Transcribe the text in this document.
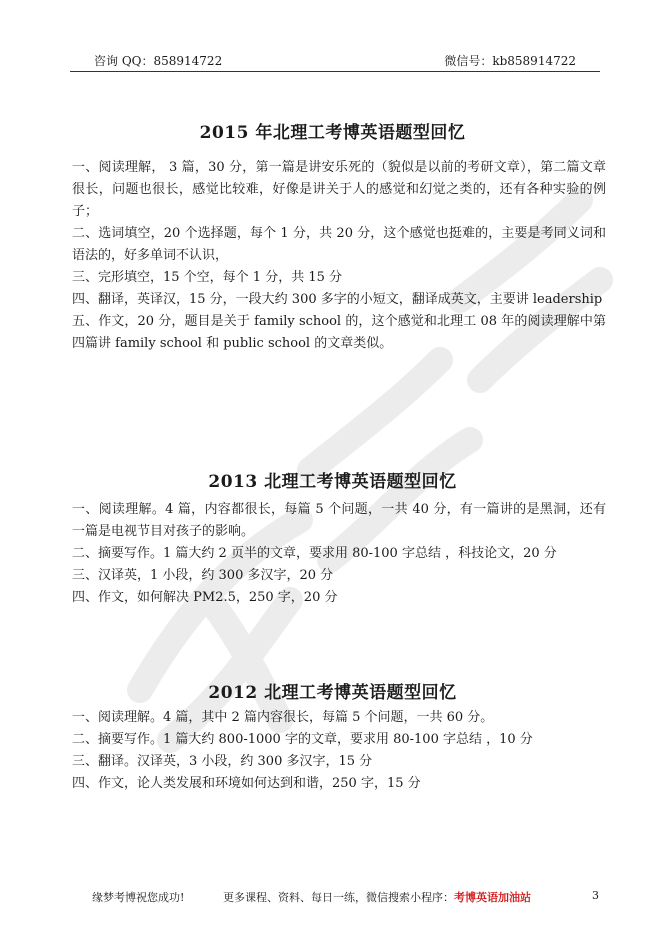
咨询 QQ：858914722	微信号：kb858914722
2015 年北理工考博英语题型回忆

一、阅读理解， 3 篇，30 分，第一篇是讲安乐死的（貌似是以前的考研文章），第二篇文章很长，问题也很长，感觉比较难，好像是讲关于人的感觉和幻觉之类的，还有各种实验的例子；

二、选词填空，20 个选择题，每个 1 分，共 20 分，这个感觉也挺难的，主要是考同义词和语法的，好多单词不认识，

三、完形填空，15 个空，每个 1 分，共 15 分

四、翻译，英译汉，15 分，一段大约 300 多字的小短文，翻译成英文，主要讲 leadership

五、作文，20 分，题目是关于 family school 的，这个感觉和北理工 08 年的阅读理解中第四篇讲 family school 和 public school 的文章类似。

2013 北理工考博英语题型回忆

一、阅读理解。4 篇，内容都很长，每篇 5 个问题，一共 40 分，有一篇讲的是黑洞，还有一篇是电视节目对孩子的影响。

二、摘要写作。1 篇大约 2 页半的文章，要求用 80-100 字总结 ，科技论文，20 分

三、汉译英，1 小段，约 300 多汉字，20 分

四、作文，如何解决 PM2.5，250 字，20 分

2012 北理工考博英语题型回忆

一、阅读理解。4 篇，其中 2 篇内容很长，每篇 5 个问题，一共 60 分。

二、摘要写作。1 篇大约 800-1000 字的文章，要求用 80-100 字总结 ，10 分

三、翻译。汉译英，3 小段，约 300 多汉字，15 分

四、作文，论人类发展和环境如何达到和谐，250 字，15 分

缘梦考博祝您成功!	更多课程、资料、每日一练，微信搜索小程序：考博英语加油站	3
